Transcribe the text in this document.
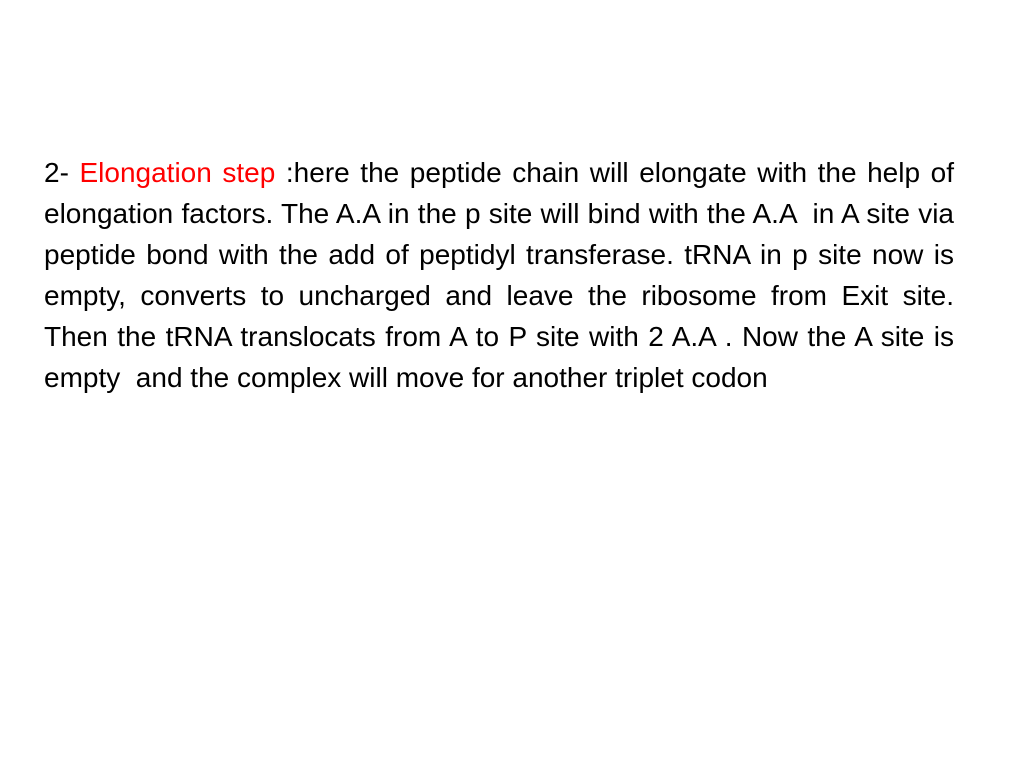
2- Elongation step :here the peptide chain will elongate with the help of elongation factors. The A.A in the p site will bind with the A.A  in A site via peptide bond with the add of peptidyl transferase. tRNA in p site now is empty, converts to uncharged and leave the ribosome from Exit site. Then the tRNA translocats from A to P site with 2 A.A . Now the A site is empty  and the complex will move for another triplet codon
